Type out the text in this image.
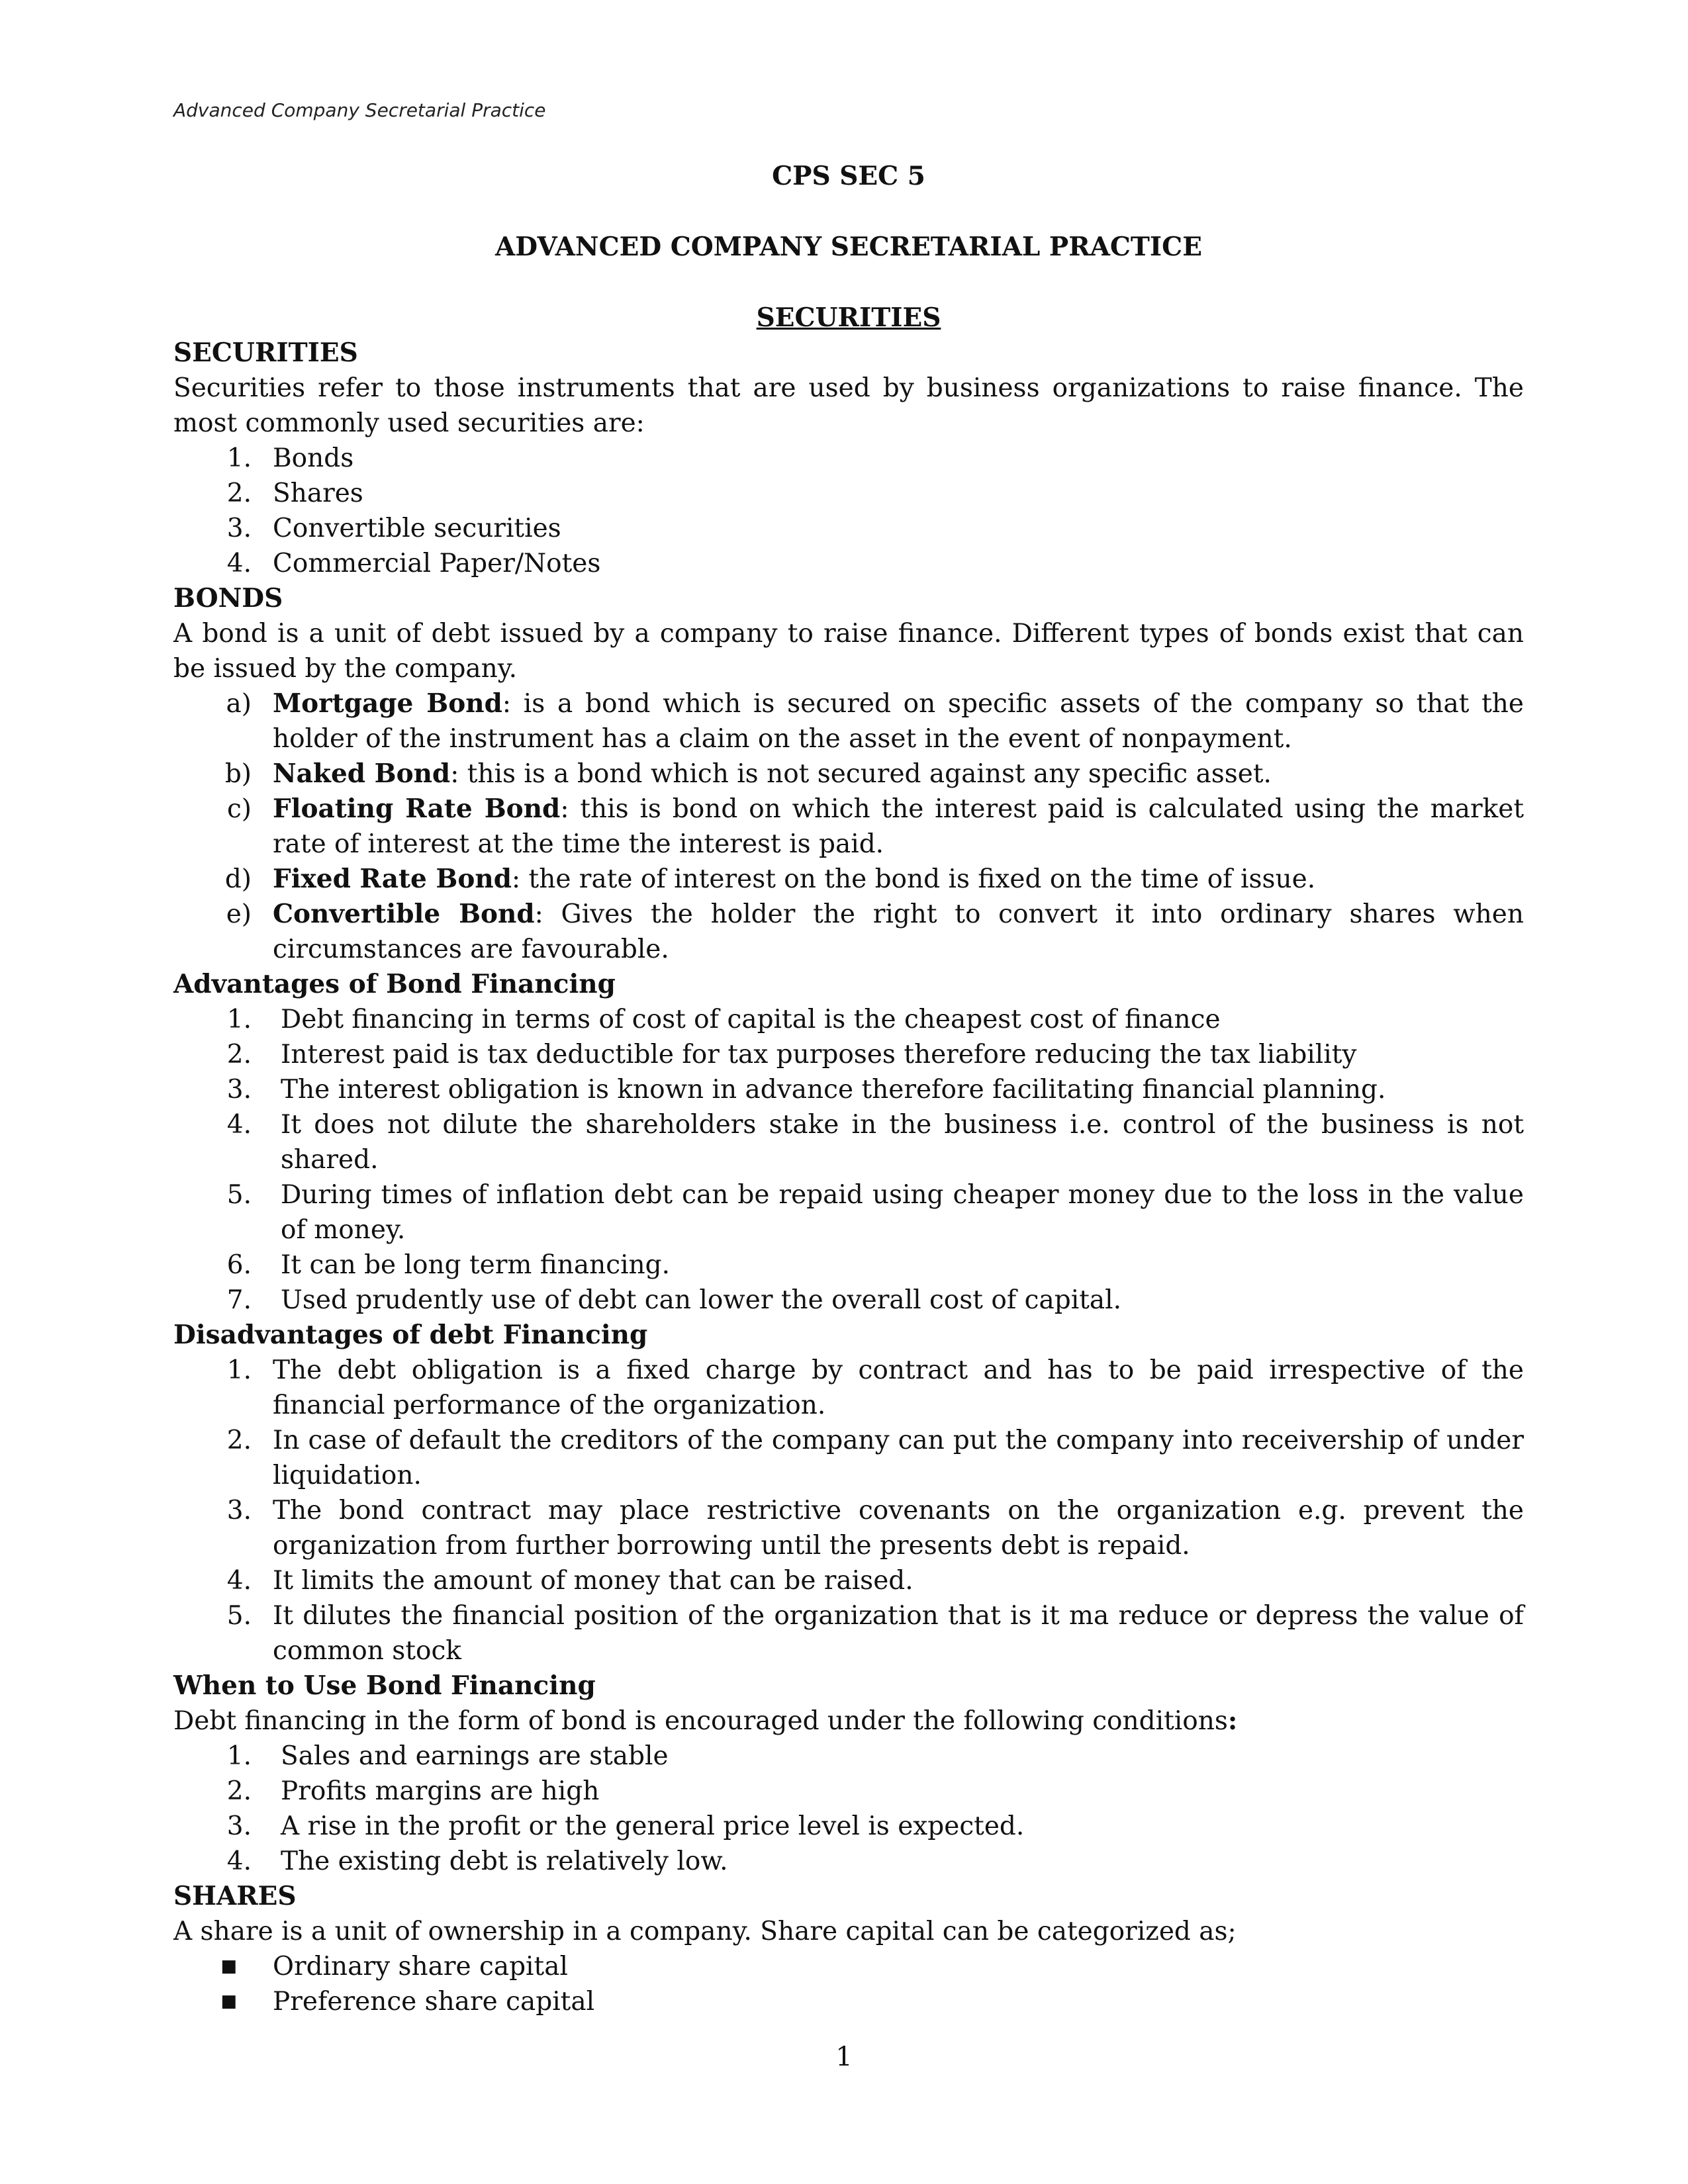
Advanced Company Secretarial Practice
CPS SEC 5
ADVANCED COMPANY SECRETARIAL PRACTICE
SECURITIES
SECURITIES
Securities refer to those instruments that are used by business organizations to raise finance. The most commonly used securities are:
1. Bonds
2. Shares
3. Convertible securities
4. Commercial Paper/Notes
BONDS
A bond is a unit of debt issued by a company to raise finance. Different types of bonds exist that can be issued by the company.
a) Mortgage Bond: is a bond which is secured on specific assets of the company so that the holder of the instrument has a claim on the asset in the event of nonpayment.
b) Naked Bond: this is a bond which is not secured against any specific asset.
c) Floating Rate Bond: this is bond on which the interest paid is calculated using the market rate of interest at the time the interest is paid.
d) Fixed Rate Bond: the rate of interest on the bond is fixed on the time of issue.
e) Convertible Bond: Gives the holder the right to convert it into ordinary shares when circumstances are favourable.
Advantages of Bond Financing
1. Debt financing in terms of cost of capital is the cheapest cost of finance
2. Interest paid is tax deductible for tax purposes therefore reducing the tax liability
3. The interest obligation is known in advance therefore facilitating financial planning.
4. It does not dilute the shareholders stake in the business i.e. control of the business is not shared.
5. During times of inflation debt can be repaid using cheaper money due to the loss in the value of money.
6. It can be long term financing.
7. Used prudently use of debt can lower the overall cost of capital.
Disadvantages of debt Financing
1. The debt obligation is a fixed charge by contract and has to be paid irrespective of the financial performance of the organization.
2. In case of default the creditors of the company can put the company into receivership of under liquidation.
3. The bond contract may place restrictive covenants on the organization e.g. prevent the organization from further borrowing until the presents debt is repaid.
4. It limits the amount of money that can be raised.
5. It dilutes the financial position of the organization that is it ma reduce or depress the value of common stock
When to Use Bond Financing
Debt financing in the form of bond is encouraged under the following conditions:
1. Sales and earnings are stable
2. Profits margins are high
3. A rise in the profit or the general price level is expected.
4. The existing debt is relatively low.
SHARES
A share is a unit of ownership in a company. Share capital can be categorized as;
■ Ordinary share capital
■ Preference share capital
1
